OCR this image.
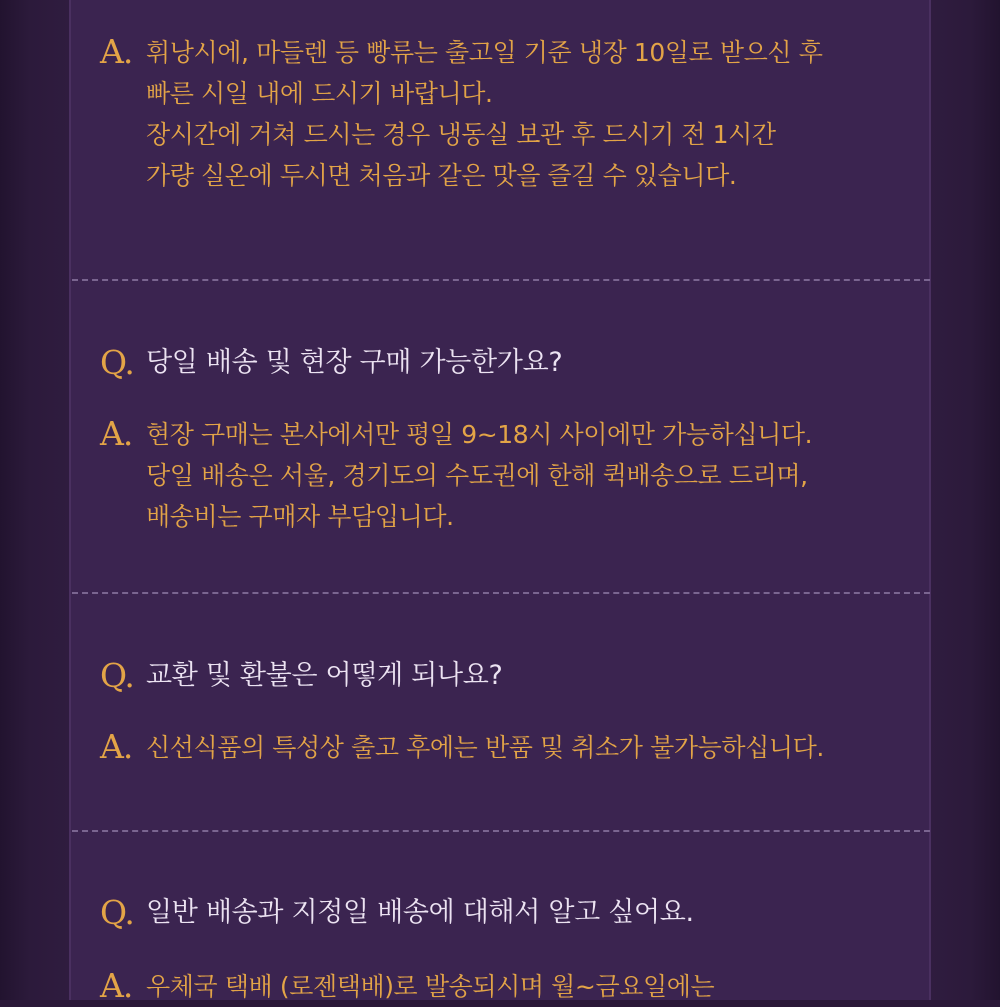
A. 휘낭시에, 마들렌 등 빵류는 출고일 기준 냉장 10일로 받으신 후
빠른 시일 내에 드시기 바랍니다.
장시간에 거쳐 드시는 경우 냉동실 보관 후 드시기 전 1시간
가량 실온에 두시면 처음과 같은 맛을 즐길 수 있습니다.
Q. 당일 배송 및 현장 구매 가능한가요?
A. 현장 구매는 본사에서만 평일 9~18시 사이에만 가능하십니다.
당일 배송은 서울, 경기도의 수도권에 한해 퀵배송으로 드리며,
배송비는 구매자 부담입니다.
Q. 교환 및 환불은 어떻게 되나요?
A. 신선식품의 특성상 출고 후에는 반품 및 취소가 불가능하십니다.
Q. 일반 배송과 지정일 배송에 대해서 알고 싶어요.
A. 우체국 택배 (로젠택배)로 발송되시며 월~금요일에는
